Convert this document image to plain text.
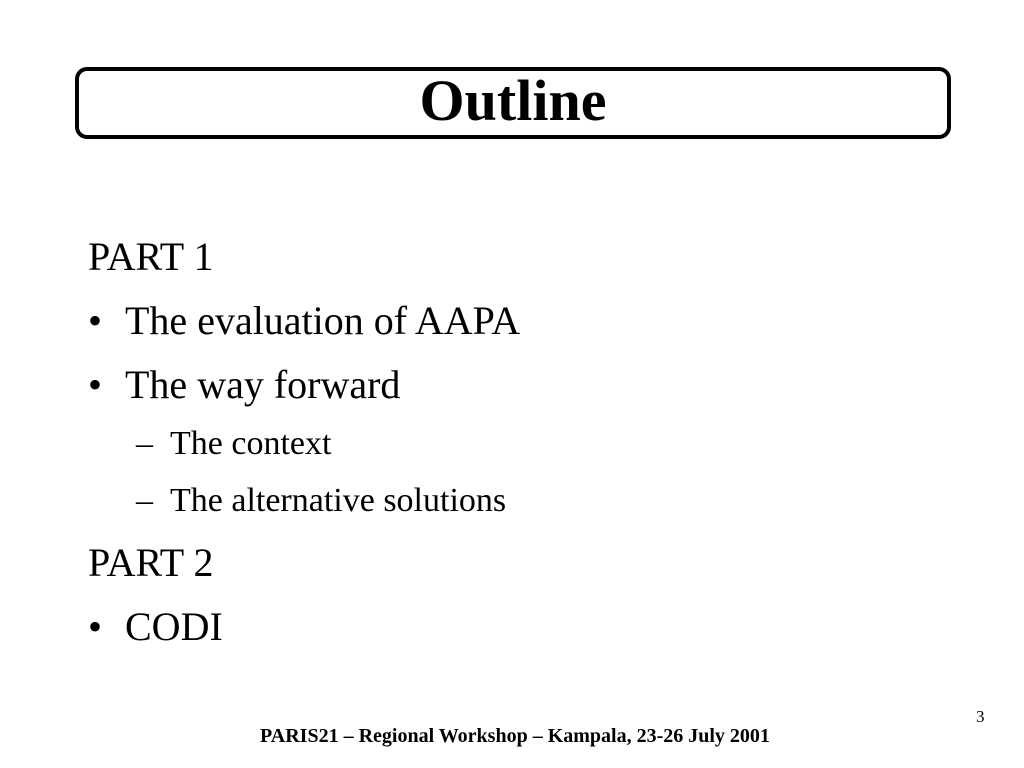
Outline
PART 1
• The evaluation of AAPA
• The way forward
– The context
– The alternative solutions
PART 2
• CODI
3
PARIS21 – Regional Workshop – Kampala, 23-26 July 2001
